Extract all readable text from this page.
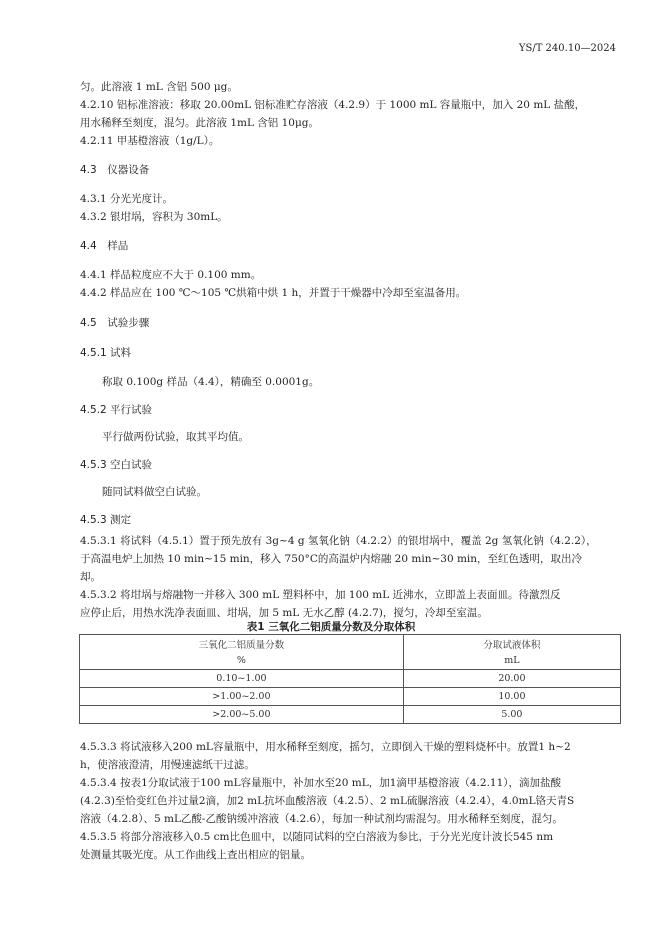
YS/T 240.10—2024
匀。此溶液 1 mL 含铝 500 μg。
4.2.10 铝标准溶液：移取 20.00mL 铝标准贮存溶液（4.2.9）于 1000 mL 容量瓶中，加入 20 mL 盐酸，
用水稀释至刻度，混匀。此溶液 1mL 含铝 10μg。
4.2.11 甲基橙溶液（1g/L）。
4.3　仪器设备
4.3.1 分光光度计。
4.3.2 银坩埚，容积为 30mL。
4.4　样品
4.4.1 样品粒度应不大于 0.100 mm。
4.4.2 样品应在 100 ℃～105 ℃烘箱中烘 1 h，并置于干燥器中冷却至室温备用。
4.5　试验步骤
4.5.1 试料
称取 0.100g 样品（4.4），精确至 0.0001g。
4.5.2 平行试验
平行做两份试验，取其平均值。
4.5.3 空白试验
随同试料做空白试验。
4.5.3 测定
4.5.3.1 将试料（4.5.1）置于预先放有 3g~4 g 氢氧化钠（4.2.2）的银坩埚中，覆盖 2g 氢氧化钠（4.2.2），
于高温电炉上加热 10 min~15 min，移入 750°C的高温炉内熔融 20 min~30 min，至红色透明，取出冷
却。
4.5.3.2 将坩埚与熔融物一并移入 300 mL 塑料杯中，加 100 mL 近沸水，立即盖上表面皿。待激烈反
应停止后，用热水洗净表面皿、坩埚，加 5 mL 无水乙醇 (4.2.7)，搅匀，冷却至室温。
表1 三氧化二铝质量分数及分取体积
三氧化二铝质量分数	分取试液体积
%	mL
0.10~1.00	20.00
>1.00~2.00	10.00
>2.00~5.00	5.00
4.5.3.3 将试液移入200 mL容量瓶中，用水稀释至刻度，摇匀，立即倒入干燥的塑料烧杯中。放置1 h~2
h，使溶液澄清，用慢速滤纸干过滤。
4.5.3.4 按表1分取试液于100 mL容量瓶中，补加水至20 mL，加1滴甲基橙溶液（4.2.11），滴加盐酸
(4.2.3)至恰变红色并过量2滴，加2 mL抗坏血酸溶液（4.2.5）、2 mL硫脲溶液（4.2.4），4.0mL铬天青S
溶液（4.2.8）、5 mL乙酸-乙酸钠缓冲溶液（4.2.6），每加一种试剂均需混匀。用水稀释至刻度，混匀。
4.5.3.5 将部分溶液移入0.5 cm比色皿中，以随同试料的空白溶液为参比，于分光光度计波长545 nm
处测量其吸光度。从工作曲线上查出相应的铝量。
